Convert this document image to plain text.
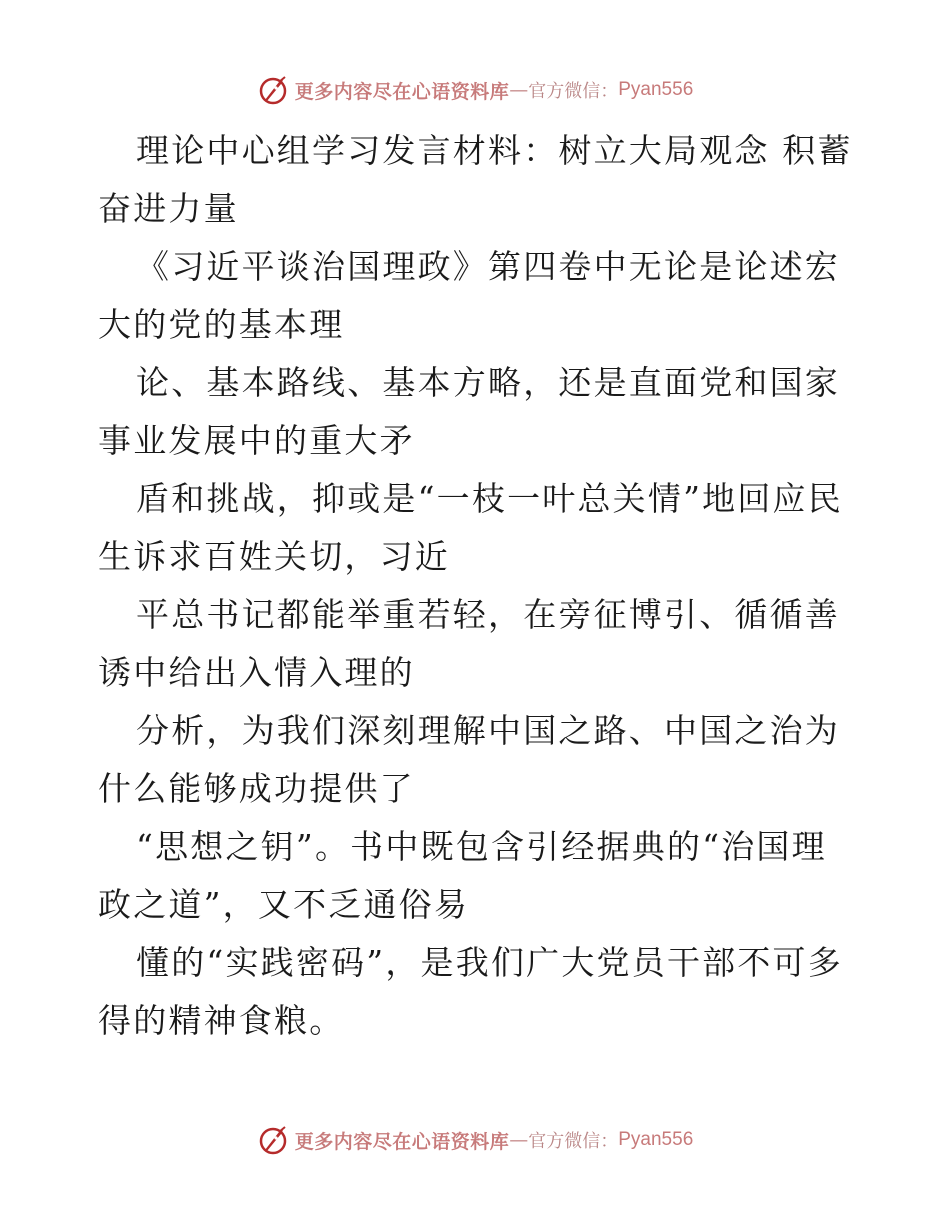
更多内容尽在心语资料库 — 官方微信： Pyan556

理论中心组学习发言材料：树立大局观念 积蓄奋进力量

《习近平谈治国理政》第四卷中无论是论述宏大的党的基本理

论、基本路线、基本方略，还是直面党和国家事业发展中的重大矛

盾和挑战，抑或是“一枝一叶总关情”地回应民生诉求百姓关切，习近

平总书记都能举重若轻，在旁征博引、循循善诱中给出入情入理的

分析，为我们深刻理解中国之路、中国之治为什么能够成功提供了

“思想之钥”。书中既包含引经据典的“治国理政之道”，又不乏通俗易

懂的“实践密码”，是我们广大党员干部不可多得的精神食粮。

更多内容尽在心语资料库 — 官方微信： Pyan556
